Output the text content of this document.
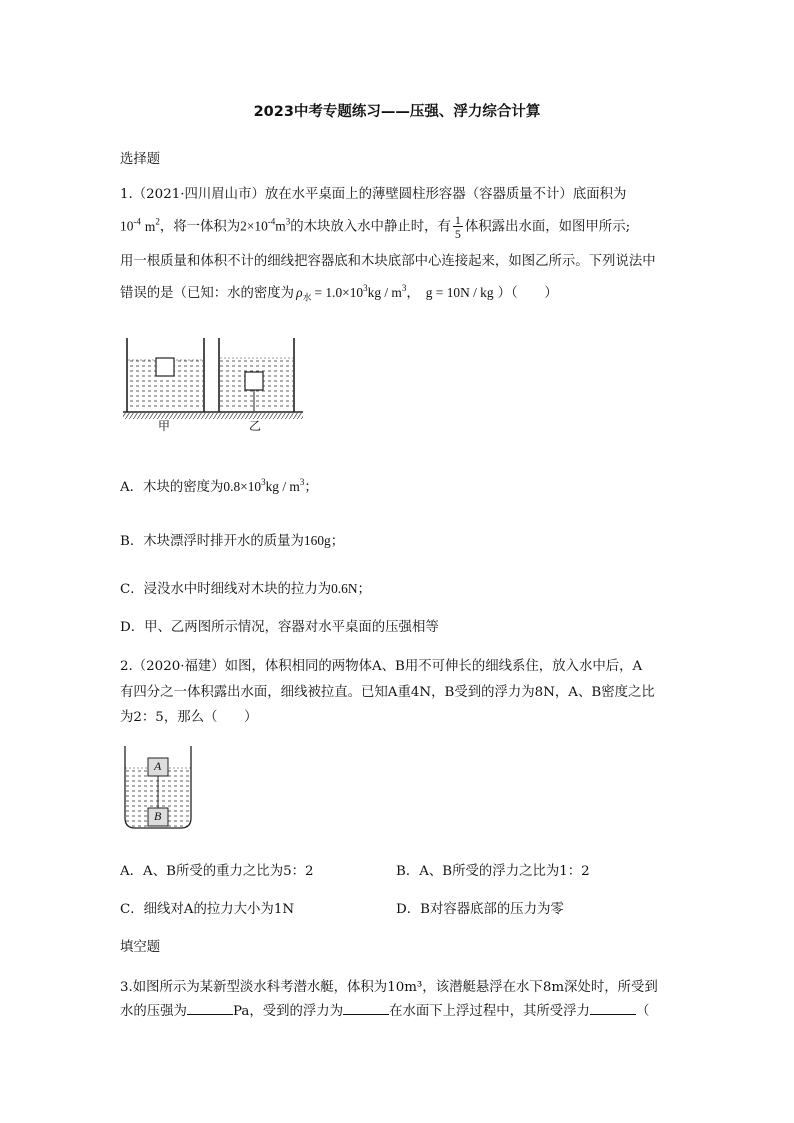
2023中考专题练习——压强、浮力综合计算
选择题
1.（2021·四川眉山市）放在水平桌面上的薄壁圆柱形容器（容器质量不计）底面积为
$10^{-4}$ $m^2$，将一体积为$2\times 10^{-4}m^3$的木块放入水中静止时，有 $\frac{1}{5}$ 体积露出水面，如图甲所示;
用一根质量和体积不计的细线把容器底和木块底部中心连接起来，如图乙所示。下列说法中
错误的是（已知：水的密度为 $\rho_水 = 1.0\times 10^3kg / m^3$， g = 10N / kg ）（　　）
甲	乙
A．木块的密度为$0.8\times 10^3kg / m^3$；
B．木块漂浮时排开水的质量为160g；
C．浸没水中时细线对木块的拉力为0.6N；
D．甲、乙两图所示情况，容器对水平桌面的压强相等
2.（2020·福建）如图，体积相同的两物体A、B用不可伸长的细线系住，放入水中后，A
有四分之一体积露出水面，细线被拉直。已知A重4N，B受到的浮力为8N，A、B密度之比
为2：5，那么（　　）
A
B
A．A、B所受的重力之比为5：2	B．A、B所受的浮力之比为1：2
C．细线对A的拉力大小为1N	D．B对容器底部的压力为零
填空题
3.如图所示为某新型淡水科考潜水艇，体积为10m³，该潜艇悬浮在水下8m深处时，所受到
水的压强为	Pa，受到的浮力为	在水面下上浮过程中，其所受浮力	（
